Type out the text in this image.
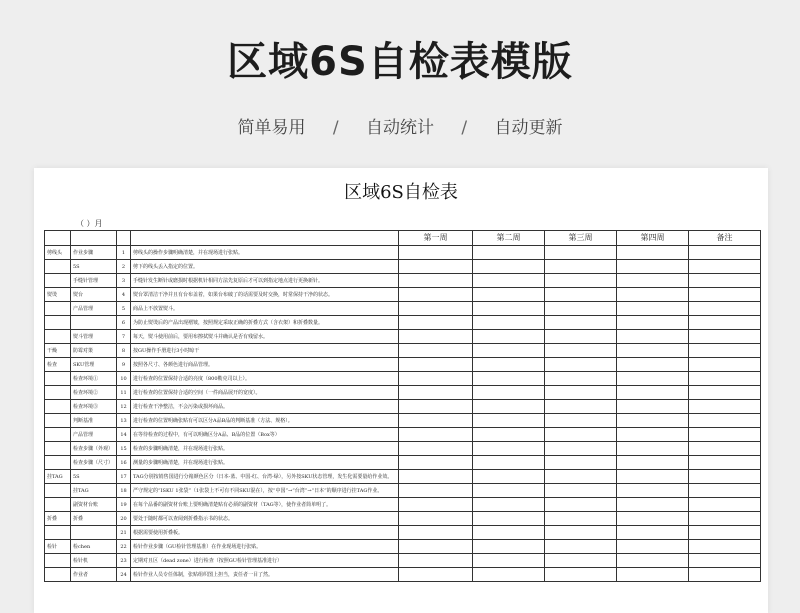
区域6S自检表模版
简单易用 / 自动统计 / 自动更新
区域6S自检表
（ ）月
				第一周	第二周	第三周	第四周	备注
剪线头	作业步骤	1	剪线头的操作步骤明确清楚，并在现场进行张贴。					
	5S	2	剪下的线头丢入指定的位置。					
	手缝针管理	3	手缝针发生断针或磨损时根据机针相同方法先复原后才可以到指定地点进行更换新针。					
熨烫	熨台	4	熨台罩清洁干净并且有台布盖着，如果台布破了的话需要及时交换，时常保持干净的状态。					
	产品管理	5	商品上不放置熨斗。					
		6	为防止熨烫后的产品出现褶皱，按照规定采取正确的折叠方式（含衣架）和折叠数量。					
	熨斗管理	7	每天，熨斗使用前后，要用布擦拭熨斗并确认是否有残留水。					
干燥	防霉对策	8	按GU操作手册进行3小时晾干					
检查	SKU管理	9	按照各尺寸、各颜色进行商品管理。					
	检查环境①	10	进行检查的位置保持合适的亮度（800勒克司以上）。					
	检查环境②	11	进行检查的位置保持合适的空间（一件商品展开的宽度）。					
	检查环境③	12	进行检查干净整洁，不会污染或损坏商品。					
	判断基准	13	进行检查的位置明确张贴有可以区分A品B品的判断基准（方法、规格）。					
	产品管理	14	在等待检查的过程中，有可以明确区分A品、B品的位置（Box等）					
	检查步骤（外观）	15	检查的步骤明确清楚，并在现场进行张贴。					
	检查步骤（尺寸）	16	测量的步骤明确清楚，并在现场进行张贴。					
挂TAG	5S	17	TAG分别按销售国进行分箱颜色区分（日本-蓝、中国-红、台湾-绿），另外按SKU状态管理，发生化需要量给作业效。					
	挂TAG	18	严守规定的“ISKU 1张袋”（1张袋上不可有不同SKU混在），按“中国”→“台湾”→“日本”的顺序进行挂TAG作业。					
	副资材台账	19	在每个品番的副资材台账上要明确清楚贴有必须的副资材（TAG等），使作业者简单明了。					
折叠	折叠	20	要处于随时都可以查阅到折叠指示书的状态。					
		21	根据需要使用折叠板。					
检针	检chen	22	检针作业步骤（GU检针管理基准）在作业现场进行张贴。					
	检针机	23	定期对且区（dead zone）进行检查（按照GU检针管理基准进行）					
	作业者	24	检针作业人员专任体制，张贴组织图上担当，责任者一目了然。					
